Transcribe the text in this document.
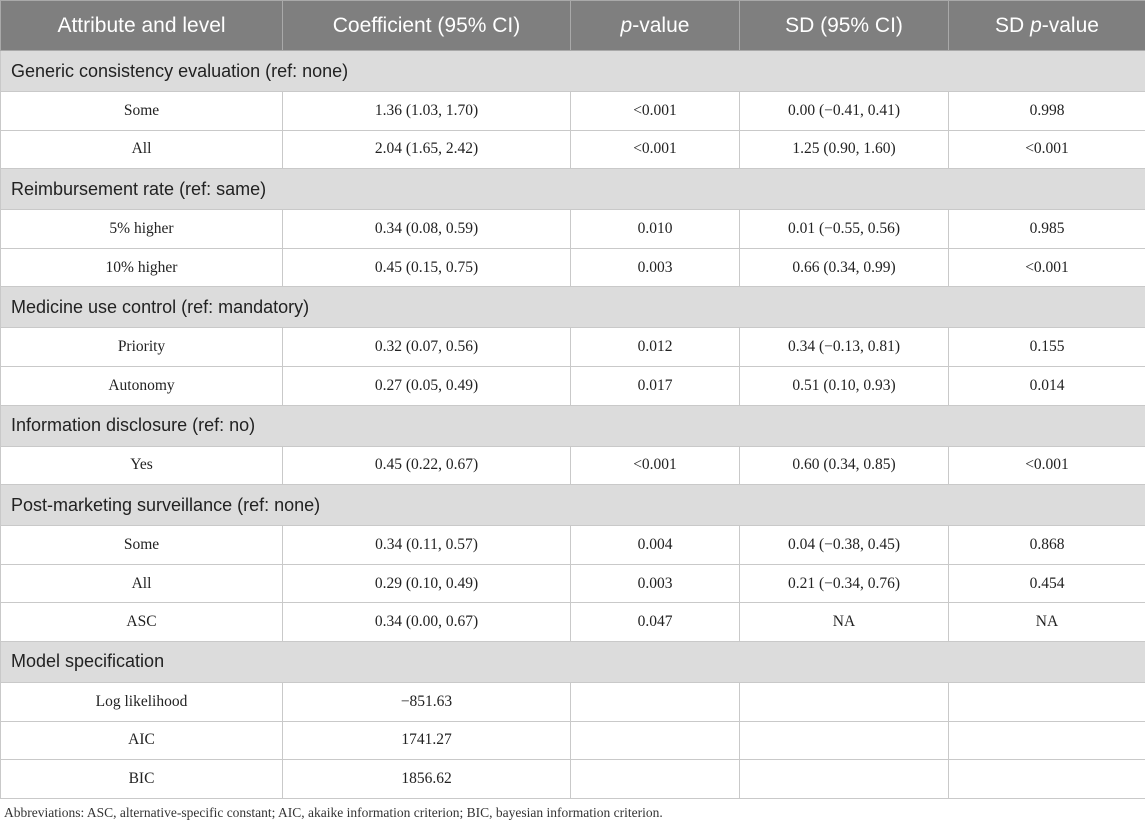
Attribute and level	Coefficient (95% CI)	p-value	SD (95% CI)	SD p-value
Generic consistency evaluation (ref: none)				
Some	1.36 (1.03, 1.70)	<0.001	0.00 (−0.41, 0.41)	0.998
All	2.04 (1.65, 2.42)	<0.001	1.25 (0.90, 1.60)	<0.001
Reimbursement rate (ref: same)				
5% higher	0.34 (0.08, 0.59)	0.010	0.01 (−0.55, 0.56)	0.985
10% higher	0.45 (0.15, 0.75)	0.003	0.66 (0.34, 0.99)	<0.001
Medicine use control (ref: mandatory)				
Priority	0.32 (0.07, 0.56)	0.012	0.34 (−0.13, 0.81)	0.155
Autonomy	0.27 (0.05, 0.49)	0.017	0.51 (0.10, 0.93)	0.014
Information disclosure (ref: no)				
Yes	0.45 (0.22, 0.67)	<0.001	0.60 (0.34, 0.85)	<0.001
Post-marketing surveillance (ref: none)				
Some	0.34 (0.11, 0.57)	0.004	0.04 (−0.38, 0.45)	0.868
All	0.29 (0.10, 0.49)	0.003	0.21 (−0.34, 0.76)	0.454
ASC	0.34 (0.00, 0.67)	0.047	NA	NA
Model specification				
Log likelihood	−851.63			
AIC	1741.27			
BIC	1856.62			
Abbreviations: ASC, alternative-specific constant; AIC, akaike information criterion; BIC, bayesian information criterion.
